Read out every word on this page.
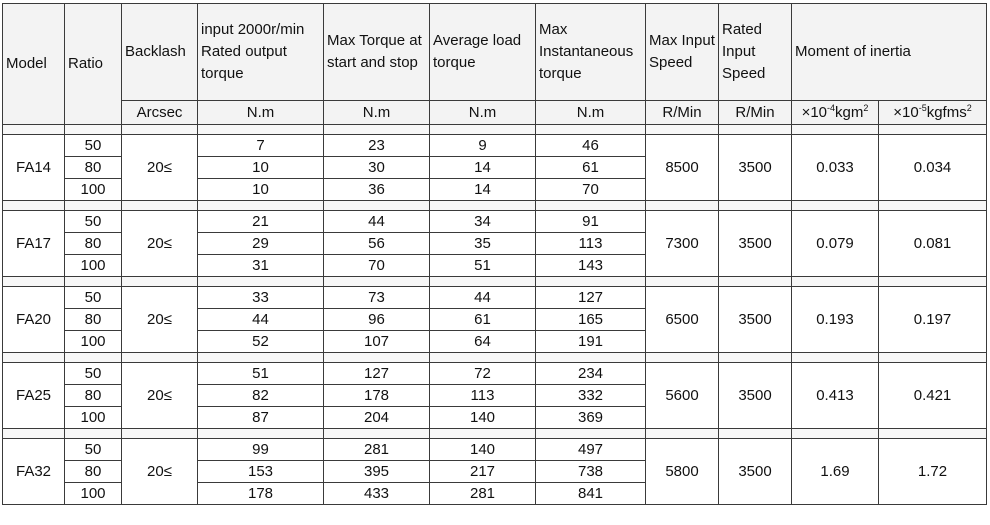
Model	Ratio	Backlash	input 2000r/min Rated output torque	Max Torque at start and stop	Average load torque	Max Instantaneous torque	Max Input Speed	Rated Input Speed	Moment of inertia	
		Arcsec	N.m	N.m	N.m	N.m	R/Min	R/Min	$\times 10^{-4}kgm^2$	$\times 10^{-5}kgfms^2$

FA14	50	20≤	7	23	9	46	8500	3500	0.033	0.034
	80		10	30	14	61				
	100		10	36	14	70				

FA17	50	20≤	21	44	34	91	7300	3500	0.079	0.081
	80		29	56	35	113				
	100		31	70	51	143				

FA20	50	20≤	33	73	44	127	6500	3500	0.193	0.197
	80		44	96	61	165				
	100		52	107	64	191				

FA25	50	20≤	51	127	72	234	5600	3500	0.413	0.421
	80		82	178	113	332				
	100		87	204	140	369				

FA32	50	20≤	99	281	140	497	5800	3500	1.69	1.72
	80		153	395	217	738				
	100		178	433	281	841				
